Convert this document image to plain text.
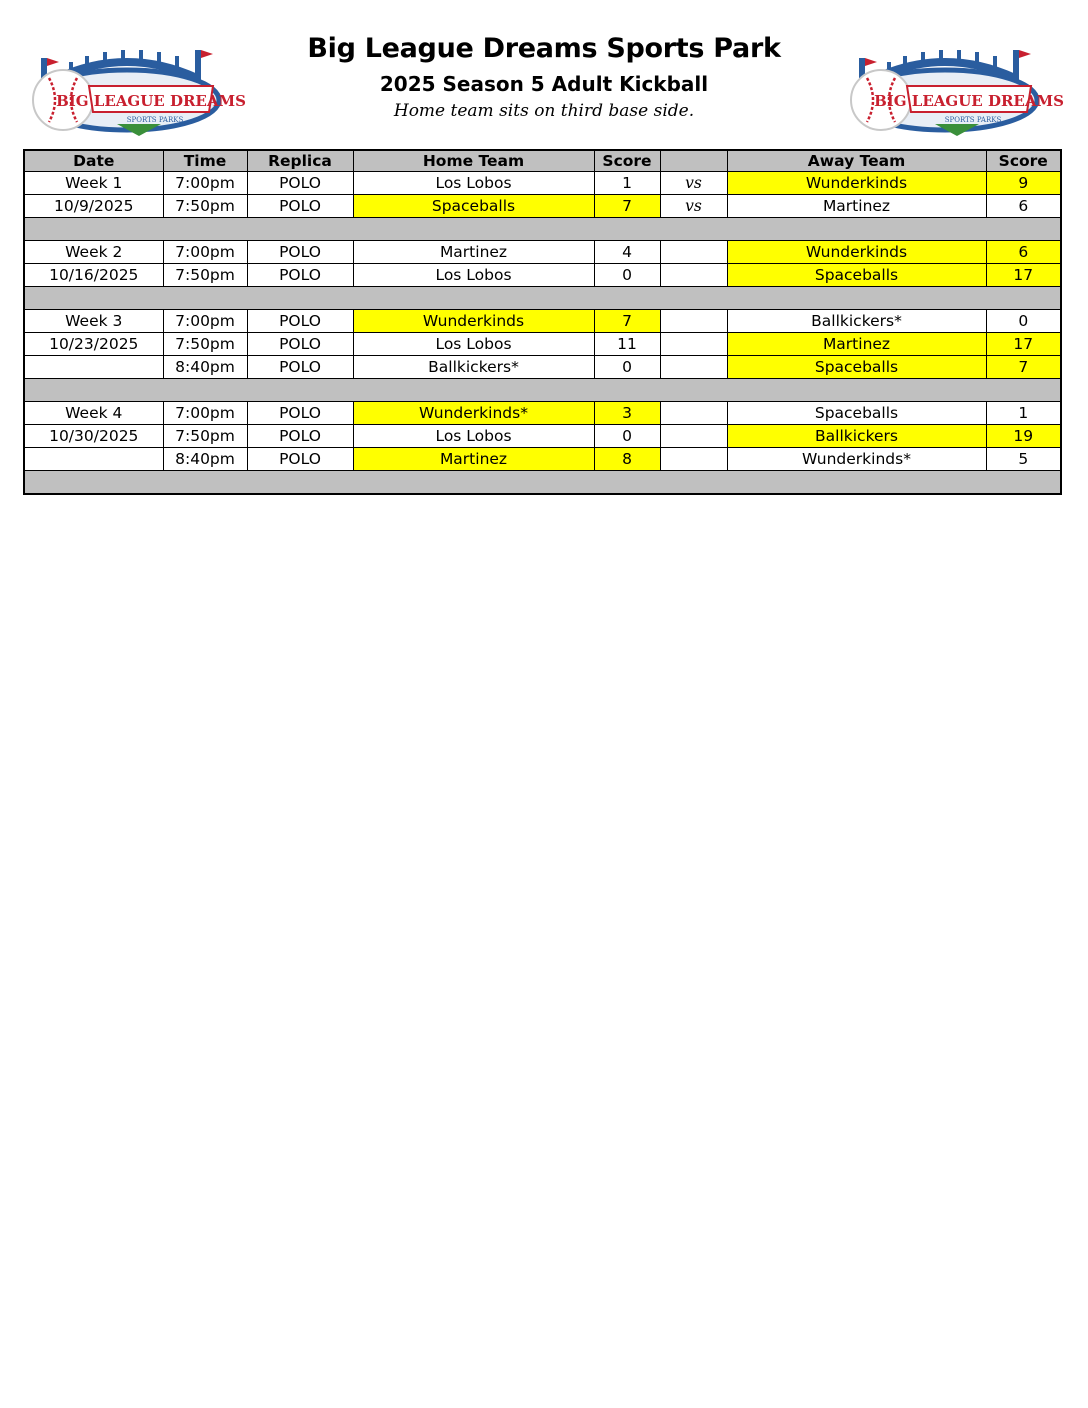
BIG LEAGUE DREAMS
SPORTS PARKS
Big League Dreams Sports Park
2025 Season 5 Adult Kickball
Home team sits on third base side.	BIG LEAGUE DREAMS
SPORTS PARKS
Date	Time	Replica	Home Team	Score		Away Team	Score
Week 1	7:00pm	POLO	Los Lobos	1	vs	Wunderkinds	9
10/9/2025	7:50pm	POLO	Spaceballs	7	vs	Martinez	6

Week 2	7:00pm	POLO	Martinez	4		Wunderkinds	6
10/16/2025	7:50pm	POLO	Los Lobos	0		Spaceballs	17

Week 3	7:00pm	POLO	Wunderkinds	7		Ballkickers*	0
10/23/2025	7:50pm	POLO	Los Lobos	11		Martinez	17
	8:40pm	POLO	Ballkickers*	0		Spaceballs	7

Week 4	7:00pm	POLO	Wunderkinds*	3		Spaceballs	1
10/30/2025	7:50pm	POLO	Los Lobos	0		Ballkickers	19
	8:40pm	POLO	Martinez	8		Wunderkinds*	5
